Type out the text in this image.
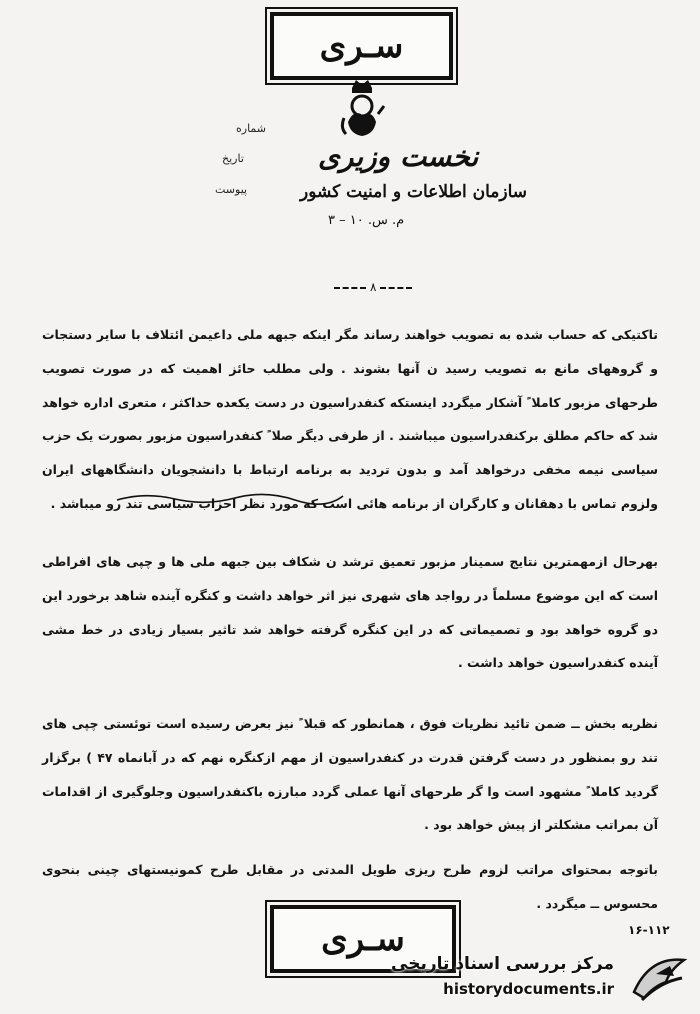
سـری
نخست وزیری
سازمان اطلاعات و امنیت کشور
م. س. ۱۰ – ۳
شماره
تاریخ
پیوست
۸

تاکتیکی که حساب شده به تصویب خواهند رساند مگر اینکه جبهه ملی داعیمن ائتلاف با سایر دستجات و گروههای مانع به تصویب رسید ن آنها بشوند . ولی مطلب حائز اهمیت که در صورت تصویب طرحهای مزبور کاملا ً آشکار میگردد اینستکه کنفدراسیون در دست یکعده حداکثر ، متعری اداره خواهد شد که حاکم مطلق برکنفدراسیون میباشند . از طرفی دیگر صلا ً کنفدراسیون مزبور بصورت یک حزب سیاسی نیمه مخفی درخواهد آمد و بدون تردید به برنامه ارتباط با دانشجویان دانشگاههای ایران ولزوم تماس با دهقانان و کارگران از برنامه هائی است که مورد نظر احزاب سیاسی تند رو میباشد .

بهرحال ازمهمترین نتایج سمینار مزبور تعمیق ترشد ن شکاف بین جبهه ملی ها و چپی های افراطی است که این موضوع مسلماً در رواجد های شهری نیز اثر خواهد داشت و کنگره آینده شاهد برخورد این دو گروه خواهد بود و تصمیماتی که در این کنگره گرفته خواهد شد تاثیر بسیار زیادی در خط مشی آینده کنفدراسیون خواهد داشت .

نظریه بخش ــ ضمن تائید نظریات فوق ، همانطور که قبلا ً نیز بعرض رسیده است توئستی چپی های تند رو بمنظور در دست گرفتن قدرت در کنفدراسیون از مهم ازکنگره نهم که در آبانماه ۴۷ ) برگزار گردید کاملا ً مشهود است وا گر طرحهای آنها عملی گردد مبارزه باکنفدراسیون وجلوگیری از اقدامات آن بمراتب مشکلتر از پیش خواهد بود .

باتوجه بمحتوای مراتب لزوم طرح ریزی طویل المدتی در مقابل طرح کمونیستهای چینی بنحوی محسوس ــ میگردد .

سـری	۱۶-۱۱۲
مرکز بررسی اسناد تاریخی
historydocuments.ir
